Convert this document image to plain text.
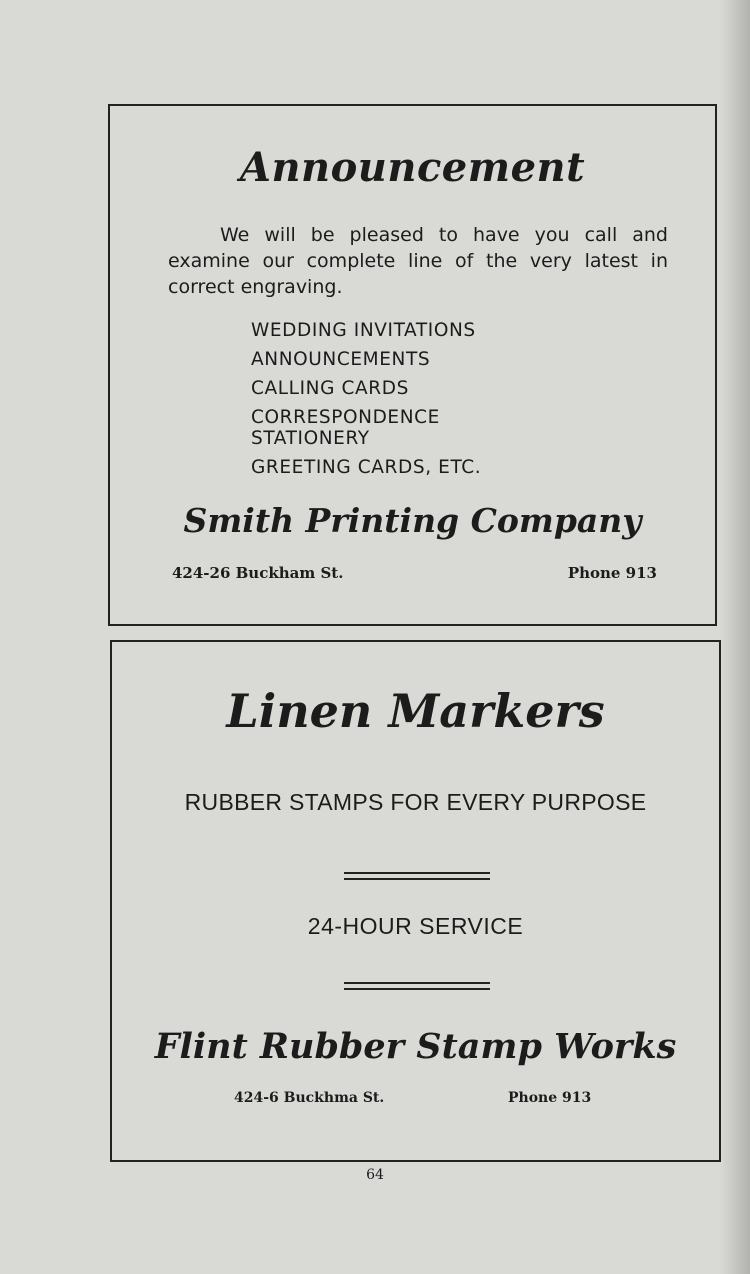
Announcement

We will be pleased to have you call and examine our complete line of the very latest in correct engraving.

WEDDING INVITATIONS
ANNOUNCEMENTS
CALLING CARDS
CORRESPONDENCE STATIONERY
GREETING CARDS, ETC.
Smith Printing Company
424-26 Buckham St.	Phone 913
Linen Markers
RUBBER STAMPS FOR EVERY PURPOSE
24-HOUR SERVICE
Flint Rubber Stamp Works
424-6 Buckhma St.	Phone 913
64
